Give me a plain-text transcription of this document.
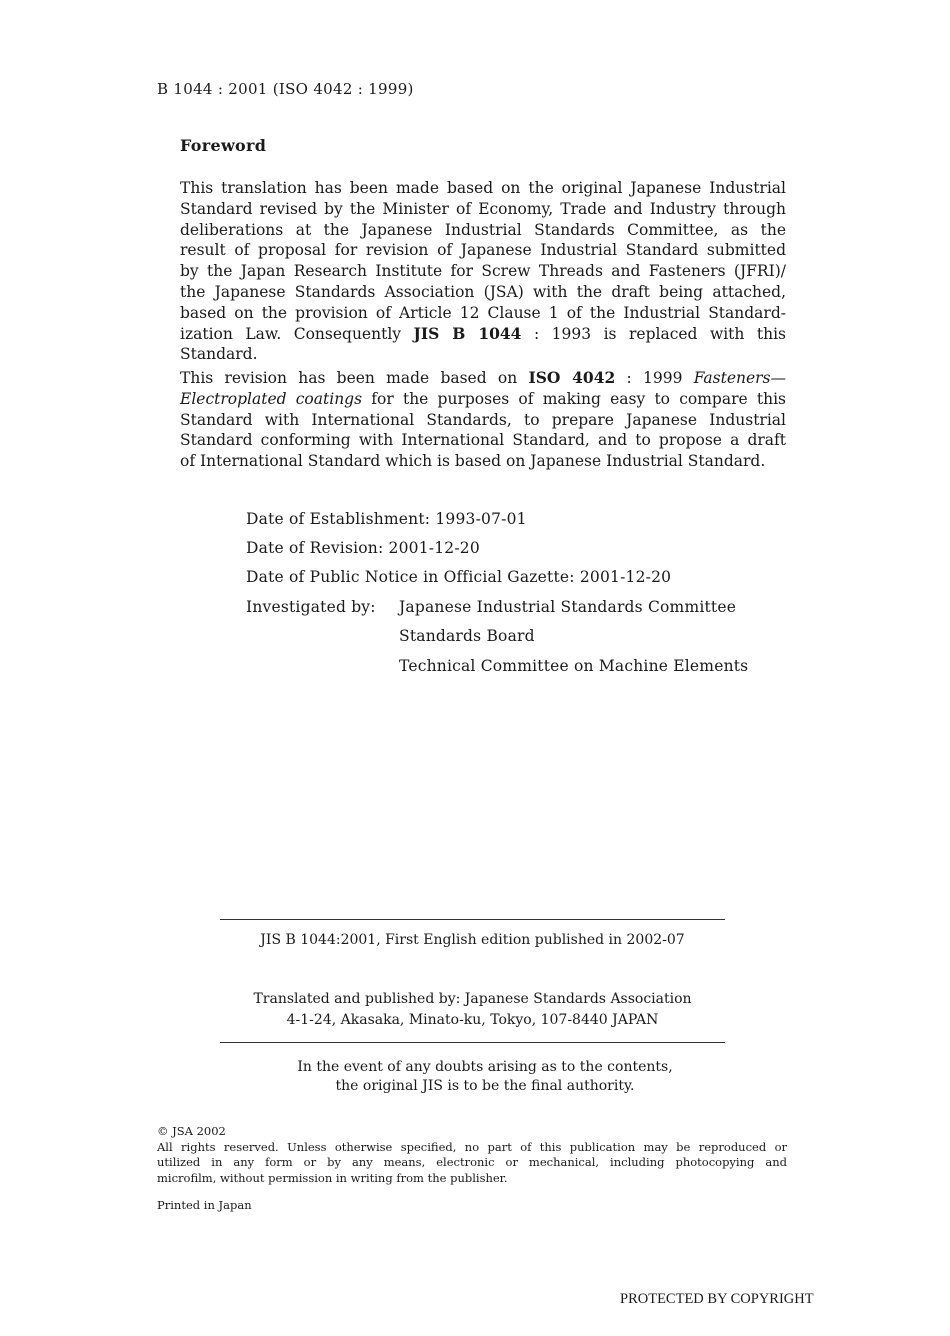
B 1044 : 2001 (ISO 4042 : 1999)
Foreword
This translation has been made based on the original Japanese Industrial
Standard revised by the Minister of Economy, Trade and Industry through
deliberations at the Japanese Industrial Standards Committee, as the
result of proposal for revision of Japanese Industrial Standard submitted
by the Japan Research Institute for Screw Threads and Fasteners (JFRI)/
the Japanese Standards Association (JSA) with the draft being attached,
based on the provision of Article 12 Clause 1 of the Industrial Standard-
ization Law. Consequently JIS B 1044 : 1993 is replaced with this
Standard.
This revision has been made based on ISO 4042 : 1999 Fasteners—
Electroplated coatings for the purposes of making easy to compare this
Standard with International Standards, to prepare Japanese Industrial
Standard conforming with International Standard, and to propose a draft
of International Standard which is based on Japanese Industrial Standard.
Date of Establishment: 1993-07-01
Date of Revision: 2001-12-20
Date of Public Notice in Official Gazette: 2001-12-20
Investigated by: Japanese Industrial Standards Committee
Standards Board
Technical Committee on Machine Elements
JIS B 1044:2001, First English edition published in 2002-07
Translated and published by: Japanese Standards Association
4-1-24, Akasaka, Minato-ku, Tokyo, 107-8440 JAPAN
In the event of any doubts arising as to the contents,
the original JIS is to be the final authority.
© JSA 2002
All rights reserved. Unless otherwise specified, no part of this publication may be reproduced or
utilized in any form or by any means, electronic or mechanical, including photocopying and
microfilm, without permission in writing from the publisher.
Printed in Japan
PROTECTED BY COPYRIGHT
